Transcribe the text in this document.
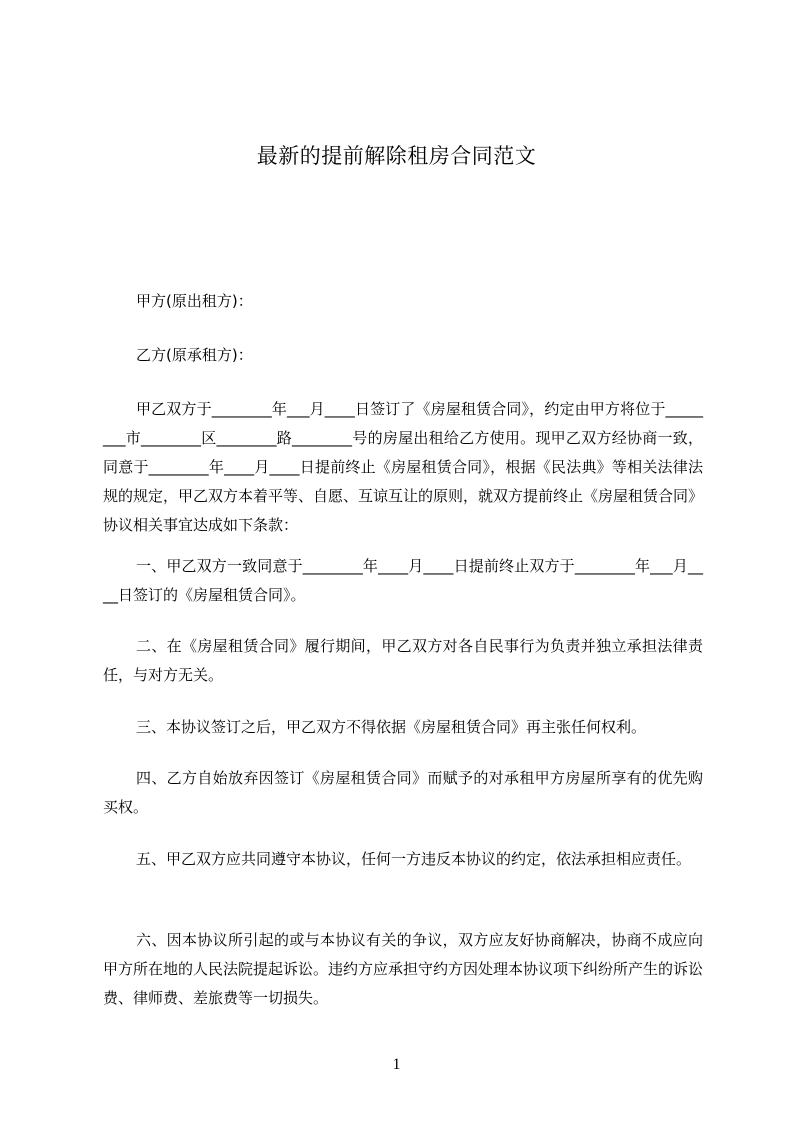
最新的提前解除租房合同范文
甲方(原出租方)：
乙方(原承租方)：
甲乙双方于________年___月____日签订了《房屋租赁合同》，约定由甲方将位于________市________区________路________号的房屋出租给乙方使用。现甲乙双方经协商一致，同意于________年____月____日提前终止《房屋租赁合同》，根据《民法典》等相关法律法规的规定，甲乙双方本着平等、自愿、互谅互让的原则，就双方提前终止《房屋租赁合同》协议相关事宜达成如下条款：
一、甲乙双方一致同意于________年____月____日提前终止双方于________年___月____日签订的《房屋租赁合同》。
二、在《房屋租赁合同》履行期间，甲乙双方对各自民事行为负责并独立承担法律责任，与对方无关。
三、本协议签订之后，甲乙双方不得依据《房屋租赁合同》再主张任何权利。
四、乙方自始放弃因签订《房屋租赁合同》而赋予的对承租甲方房屋所享有的优先购买权。
五、甲乙双方应共同遵守本协议，任何一方违反本协议的约定，依法承担相应责任。
六、因本协议所引起的或与本协议有关的争议，双方应友好协商解决，协商不成应向甲方所在地的人民法院提起诉讼。违约方应承担守约方因处理本协议项下纠纷所产生的诉讼费、律师费、差旅费等一切损失。
1
